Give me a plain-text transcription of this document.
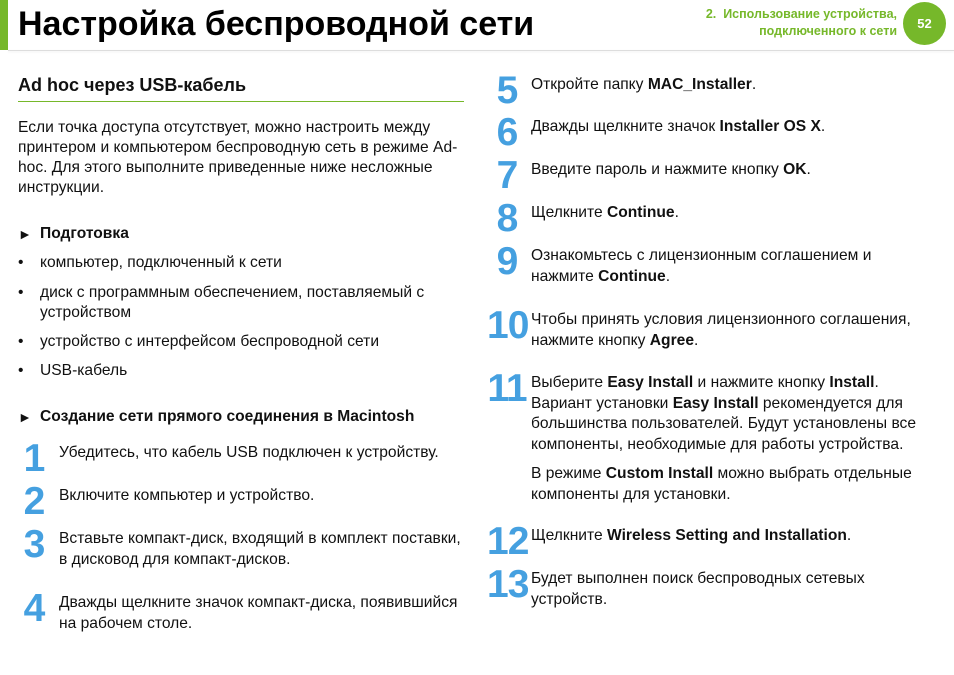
Настройка беспроводной сети	2.  Использование устройства,
подключенного к сети	52
Ad hoc через USB-кабель
Если точка доступа отсутствует, можно настроить между принтером и компьютером беспроводную сеть в режиме Ad-hoc. Для этого выполните приведенные ниже несложные инструкции.
► Подготовка
•	компьютер, подключенный к сети
•	диск с программным обеспечением, поставляемый с устройством
•	устройство с интерфейсом беспроводной сети
•	USB-кабель
► Создание сети прямого соединения в Macintosh
1 Убедитесь, что кабель USB подключен к устройству.

2 Включите компьютер и устройство.

3 Вставьте компакт-диск, входящий в комплект поставки, в дисковод для компакт-дисков.

4 Дважды щелкните значок компакт-диска, появившийся на рабочем столе.

5 Откройте папку MAC_Installer.

6 Дважды щелкните значок Installer OS X.

7 Введите пароль и нажмите кнопку OK.

8 Щелкните Continue.

9 Ознакомьтесь с лицензионным соглашением и нажмите Continue.

10 Чтобы принять условия лицензионного соглашения, нажмите кнопку Agree.

11 Выберите Easy Install и нажмите кнопку Install. Вариант установки Easy Install рекомендуется для большинства пользователей. Будут установлены все компоненты, необходимые для работы устройства.

В режиме Custom Install можно выбрать отдельные компоненты для установки.

12 Щелкните Wireless Setting and Installation.

13 Будет выполнен поиск беспроводных сетевых устройств.
